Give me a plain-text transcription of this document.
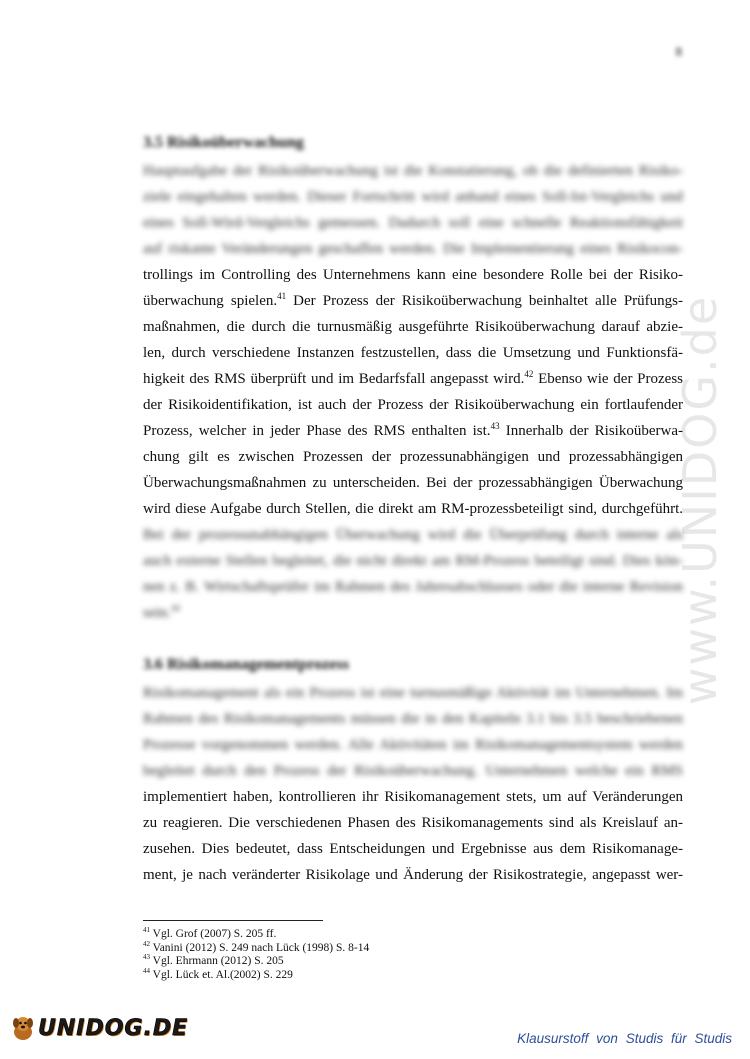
8
www.UNIDOG.de
3.5 Risikoüberwachung
Hauptaufgabe der Risikoüberwachung ist die Konstatierung, ob die definierten Risiko-
ziele eingehalten werden. Dieser Fortschritt wird anhand eines Soll-Ist-Vergleichs und
eines Soll-Wird-Vergleichs gemessen. Dadurch soll eine schnelle Reaktionsfähigkeit
auf riskante Veränderungen geschaffen werden. Die Implementierung eines Risikocon-
trollings im Controlling des Unternehmens kann eine besondere Rolle bei der Risiko-
überwachung spielen.$^{41}$ Der Prozess der Risikoüberwachung beinhaltet alle Prüfungs-
maßnahmen, die durch die turnusmäßig ausgeführte Risikoüberwachung darauf abzie-
len, durch verschiedene Instanzen festzustellen, dass die Umsetzung und Funktionsfä-
higkeit des RMS überprüft und im Bedarfsfall angepasst wird.$^{42}$ Ebenso wie der Prozess
der Risikoidentifikation, ist auch der Prozess der Risikoüberwachung ein fortlaufender
Prozess, welcher in jeder Phase des RMS enthalten ist.$^{43}$ Innerhalb der Risikoüberwa-
chung gilt es zwischen Prozessen der prozessunabhängigen und prozessabhängigen
Überwachungsmaßnahmen zu unterscheiden. Bei der prozessabhängigen Überwachung
wird diese Aufgabe durch Stellen, die direkt am RM-prozessbeteiligt sind, durchgeführt.
Bei der prozessunabhängigen Überwachung wird die Überprüfung durch interne als
auch externe Stellen begleitet, die nicht direkt am RM-Prozess beteiligt sind. Dies kön-
nen z. B. Wirtschaftsprüfer im Rahmen des Jahresabschlusses oder die interne Revision
sein.$^{44}$
3.6 Risikomanagementprozess
Risikomanagement als ein Prozess ist eine turnusmäßige Aktivität im Unternehmen. Im
Rahmen des Risikomanagements müssen die in den Kapiteln 3.1 bis 3.5 beschriebenen
Prozesse vorgenommen werden. Alle Aktivitäten im Risikomanagementsystem werden
begleitet durch den Prozess der Risikoüberwachung. Unternehmen welche ein RMS
implementiert haben, kontrollieren ihr Risikomanagement stets, um auf Veränderungen
zu reagieren. Die verschiedenen Phasen des Risikomanagements sind als Kreislauf an-
zusehen. Dies bedeutet, dass Entscheidungen und Ergebnisse aus dem Risikomanage-
ment, je nach veränderter Risikolage und Änderung der Risikostrategie, angepasst wer-
$^{41}$ Vgl. Grof (2007) S. 205 ff.
$^{42}$ Vanini (2012) S. 249 nach Lück (1998) S. 8-14
$^{43}$ Vgl. Ehrmann (2012) S. 205
$^{44}$ Vgl. Lück et. Al.(2002) S. 229
UNIDOG.DE	Klausurstoff von Studis für Studis
